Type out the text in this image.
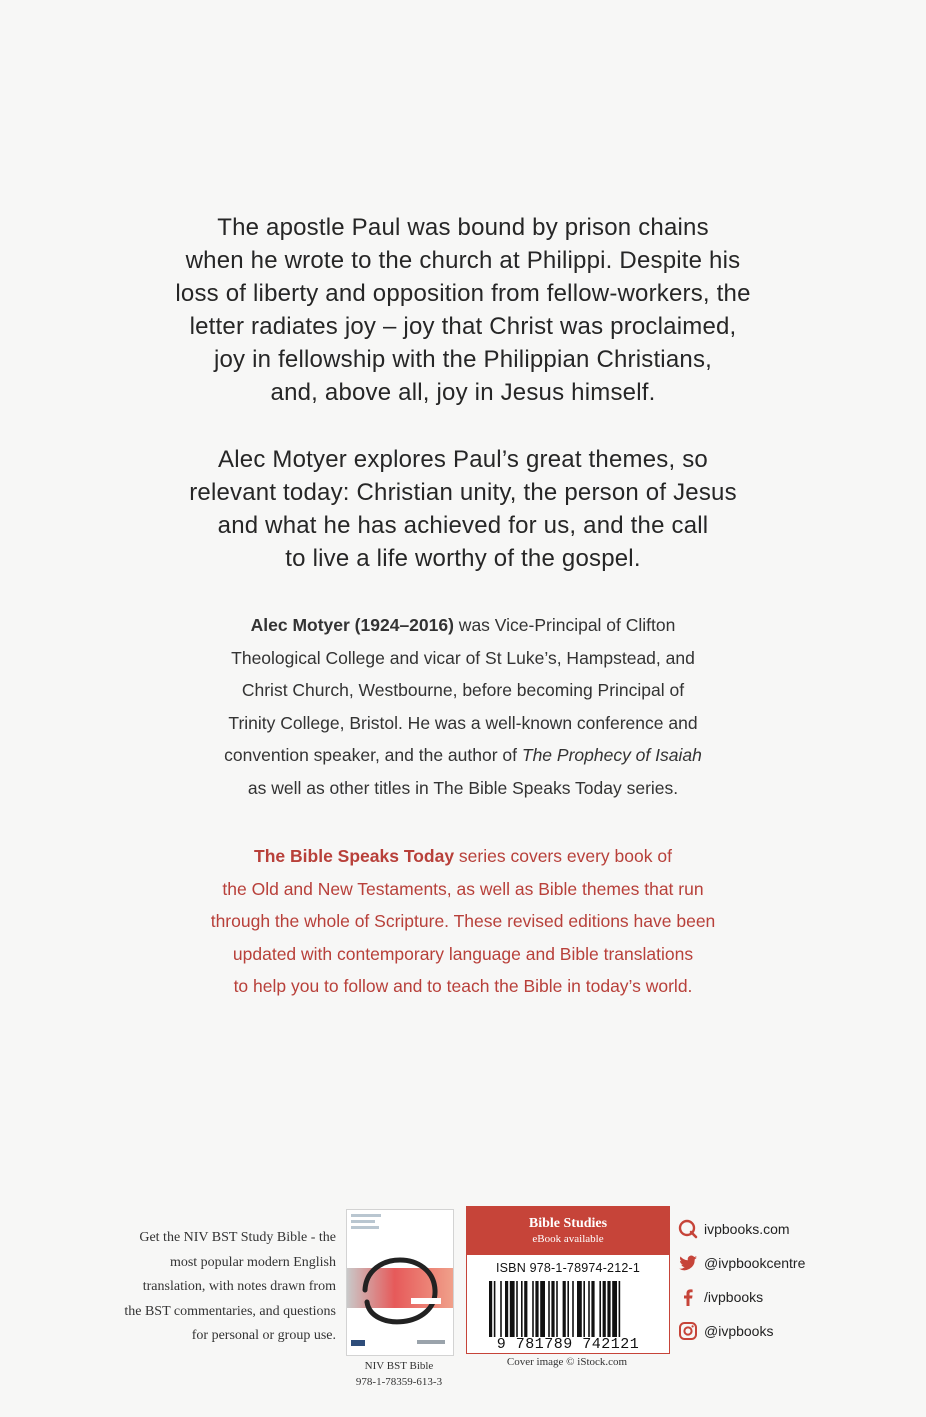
The apostle Paul was bound by prison chains
when he wrote to the church at Philippi. Despite his
loss of liberty and opposition from fellow-workers, the
letter radiates joy – joy that Christ was proclaimed,
joy in fellowship with the Philippian Christians,
and, above all, joy in Jesus himself.

Alec Motyer explores Paul’s great themes, so
relevant today: Christian unity, the person of Jesus
and what he has achieved for us, and the call
to live a life worthy of the gospel.

Alec Motyer (1924–2016) was Vice-Principal of Clifton
Theological College and vicar of St Luke’s, Hampstead, and
Christ Church, Westbourne, before becoming Principal of
Trinity College, Bristol. He was a well-known conference and
convention speaker, and the author of The Prophecy of Isaiah
as well as other titles in The Bible Speaks Today series.

The Bible Speaks Today series covers every book of
the Old and New Testaments, as well as Bible themes that run
through the whole of Scripture. These revised editions have been
updated with contemporary language and Bible translations
to help you to follow and to teach the Bible in today’s world.

Get the NIV BST Study Bible - the
most popular modern English
translation, with notes drawn from
the BST commentaries, and questions
for personal or group use.
NIV BST Bible
978-1-78359-613-3
Bible Studies
eBook available
ISBN 978-1-78974-212-1
9 781789 742121
Cover image © iStock.com
ivpbooks.com
@ivpbookcentre
/ivpbooks
@ivpbooks
